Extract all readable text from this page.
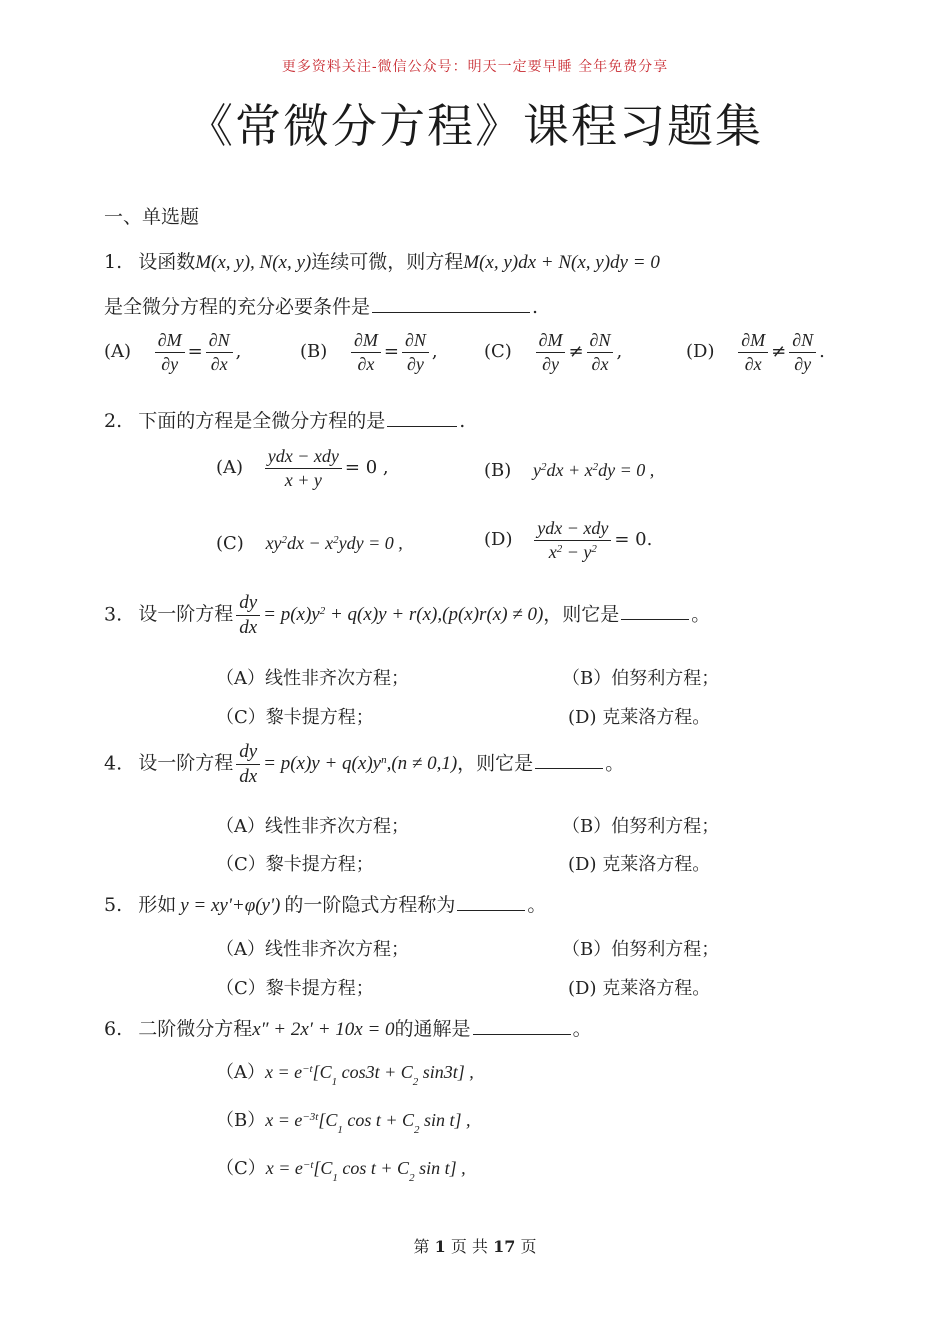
更多资料关注-微信公众号：明天一定要早睡 全年免费分享
《常微分方程》课程习题集
一、单选题
1. 设函数M(x, y), N(x, y)连续可微，则方程M(x, y)dx + N(x, y)dy = 0
是全微分方程的充分必要条件是	.
$(A) \frac{\partial M}{\partial y} = \frac{\partial N}{\partial x}$ ,	$(B) \frac{\partial M}{\partial x} = \frac{\partial N}{\partial y}$ ,	$(C) \frac{\partial M}{\partial y} \ne \frac{\partial N}{\partial x}$ ,	$(D) \frac{\partial M}{\partial x} \ne \frac{\partial N}{\partial y}$ .
2. 下面的方程是全微分方程的是	.
$(A) \frac{\text{ydx − xdy}}{x + y} = 0$ ,	(B) $y^2dx + x^2dy = 0$ ,
(C) $xy^2dx - x^2ydy = 0$ ,	$(D) \frac{\text{ydx − xdy}}{x^2 - y^2} = 0$.
3. 设一阶方程 $\frac{dy}{dx} = p(x)y^2 + q(x)y + r(x),(p(x)r(x) \ne 0)$，则它是	。
（A）线性非齐次方程；	（B）伯努利方程；
（C）黎卡提方程；	(D) 克莱洛方程。
4. 设一阶方程 $\frac{dy}{dx} = p(x)y + q(x)y^n,(n \ne 0,1)$，则它是	。
（A）线性非齐次方程；	（B）伯努利方程；
（C）黎卡提方程；	(D) 克莱洛方程。
5. 形如 y = xy'+φ(y') 的一阶隐式方程称为	。
（A）线性非齐次方程；	（B）伯努利方程；
（C）黎卡提方程；	(D) 克莱洛方程。
6. 二阶微分方程x″ + 2x′ + 10x = 0的通解是	。
$(A)x = e^{-t}[C_1$ $\cos 3t + C_2$ sin3t] ,
$(B)x = e^{-3t}[C_1$ $\cos t + C_2$ sin t] ,
$(C)x = e^{-t}[C_1$ $\cos t + C_2$ sin t] ,
第 1 页 共 17 页
